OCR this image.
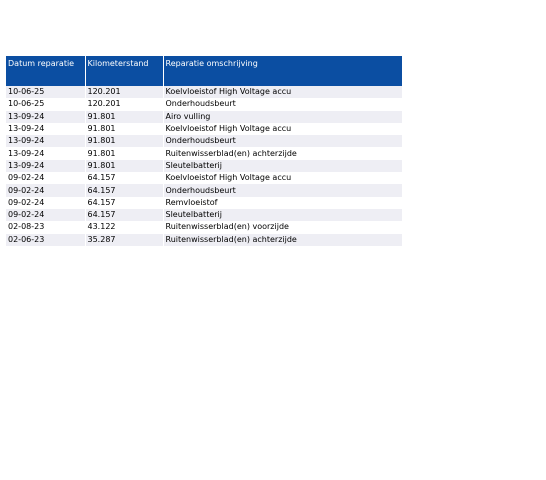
Datum reparatie	Kilometerstand	Reparatie omschrijving
10-06-25	120.201	Koelvloeistof High Voltage accu
10-06-25	120.201	Onderhoudsbeurt
13-09-24	91.801	Airo vulling
13-09-24	91.801	Koelvloeistof High Voltage accu
13-09-24	91.801	Onderhoudsbeurt
13-09-24	91.801	Ruitenwisserblad(en) achterzijde
13-09-24	91.801	Sleutelbatterij
09-02-24	64.157	Koelvloeistof High Voltage accu
09-02-24	64.157	Onderhoudsbeurt
09-02-24	64.157	Remvloeistof
09-02-24	64.157	Sleutelbatterij
02-08-23	43.122	Ruitenwisserblad(en) voorzijde
02-06-23	35.287	Ruitenwisserblad(en) achterzijde
